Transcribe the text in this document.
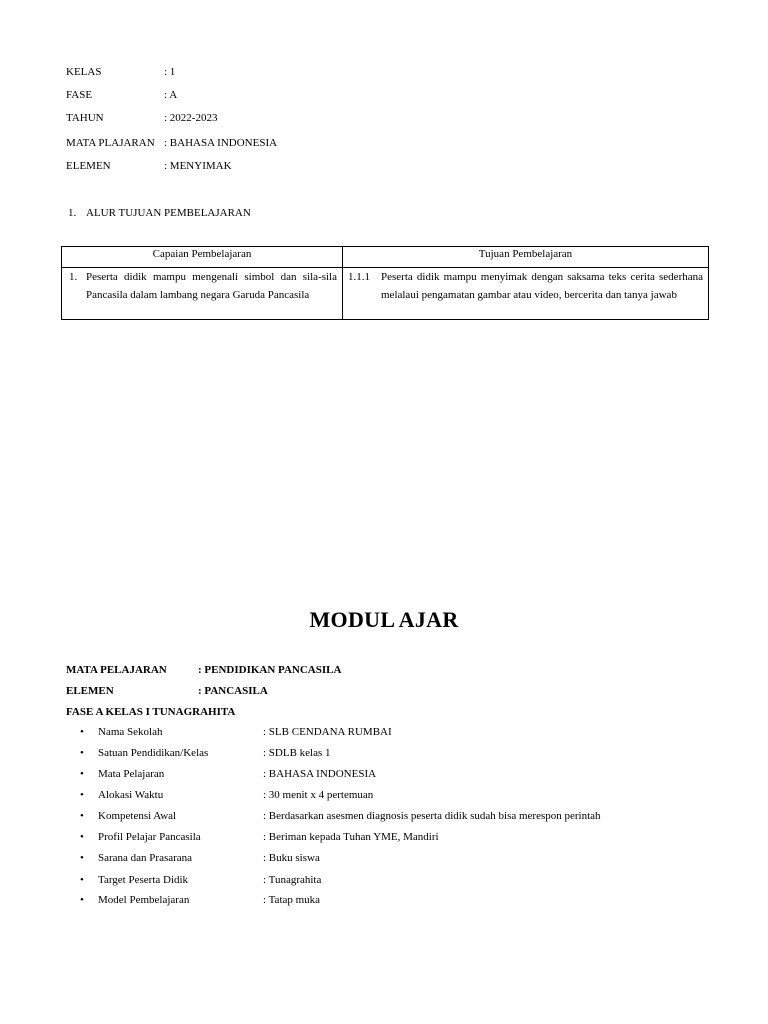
KELAS	: 1
FASE	: A
TAHUN	: 2022-2023
MATA PLAJARAN : BAHASA INDONESIA
ELEMEN	: MENYIMAK
1. ALUR TUJUAN PEMBELAJARAN
Capaian Pembelajaran	Tujuan Pembelajaran

1. Peserta didik mampu mengenali simbol dan sila-sila Pancasila dalam lambang negara Garuda Pancasila	1.1.1 Peserta didik mampu menyimak dengan saksama teks cerita sederhana melalaui pengamatan gambar atau video, bercerita dan tanya jawab
MODUL AJAR
MATA PELAJARAN	: PENDIDIKAN PANCASILA
ELEMEN	: PANCASILA
FASE A KELAS I TUNAGRAHITA
• Nama Sekolah	: SLB CENDANA RUMBAI
• Satuan Pendidikan/Kelas	: SDLB kelas 1
• Mata Pelajaran	: BAHASA INDONESIA
• Alokasi Waktu	: 30 menit x 4 pertemuan
• Kompetensi Awal	: Berdasarkan asesmen diagnosis peserta didik sudah bisa merespon perintah
• Profil Pelajar Pancasila	: Beriman kepada Tuhan YME, Mandiri
• Sarana dan Prasarana	: Buku siswa
• Target Peserta Didik	: Tunagrahita
• Model Pembelajaran	: Tatap muka
